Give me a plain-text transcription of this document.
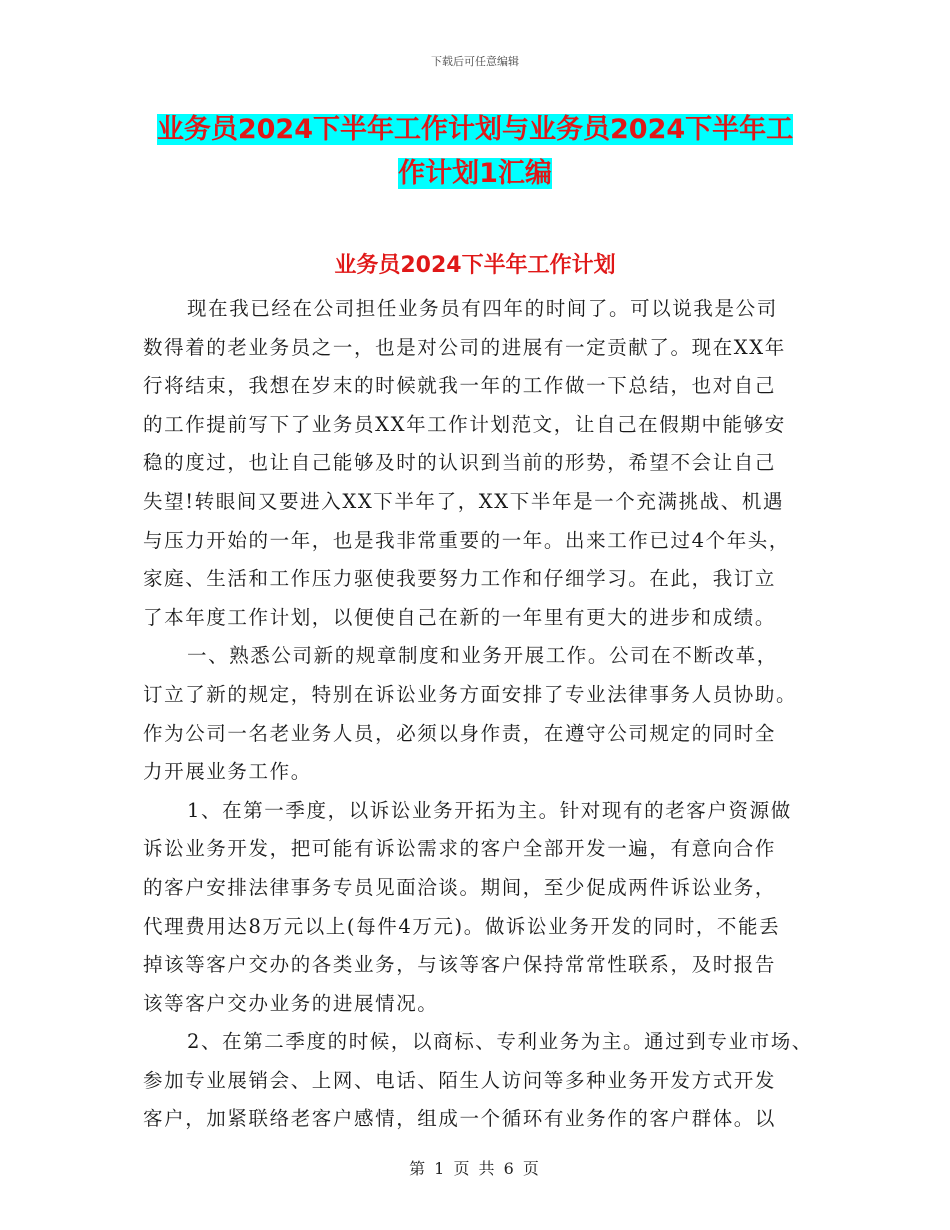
下载后可任意编辑
业务员2024下半年工作计划与业务员2024下半年工
作计划1汇编
业务员2024下半年工作计划
现在我已经在公司担任业务员有四年的时间了。可以说我是公司
数得着的老业务员之一，也是对公司的进展有一定贡献了。现在XX年
行将结束，我想在岁末的时候就我一年的工作做一下总结，也对自己
的工作提前写下了业务员XX年工作计划范文，让自己在假期中能够安
稳的度过，也让自己能够及时的认识到当前的形势，希望不会让自己
失望!转眼间又要进入XX下半年了，XX下半年是一个充满挑战、机遇
与压力开始的一年，也是我非常重要的一年。出来工作已过4个年头，
家庭、生活和工作压力驱使我要努力工作和仔细学习。在此，我订立
了本年度工作计划，以便使自己在新的一年里有更大的进步和成绩。
一、熟悉公司新的规章制度和业务开展工作。公司在不断改革，
订立了新的规定，特别在诉讼业务方面安排了专业法律事务人员协助。
作为公司一名老业务人员，必须以身作责，在遵守公司规定的同时全
力开展业务工作。
1、在第一季度，以诉讼业务开拓为主。针对现有的老客户资源做
诉讼业务开发，把可能有诉讼需求的客户全部开发一遍，有意向合作
的客户安排法律事务专员见面洽谈。期间，至少促成两件诉讼业务，
代理费用达8万元以上(每件4万元)。做诉讼业务开发的同时，不能丢
掉该等客户交办的各类业务，与该等客户保持常常性联系，及时报告
该等客户交办业务的进展情况。
2、在第二季度的时候，以商标、专利业务为主。通过到专业市场、
参加专业展销会、上网、电话、陌生人访问等多种业务开发方式开发
客户，加紧联络老客户感情，组成一个循环有业务作的客户群体。以
第 1 页 共 6 页
